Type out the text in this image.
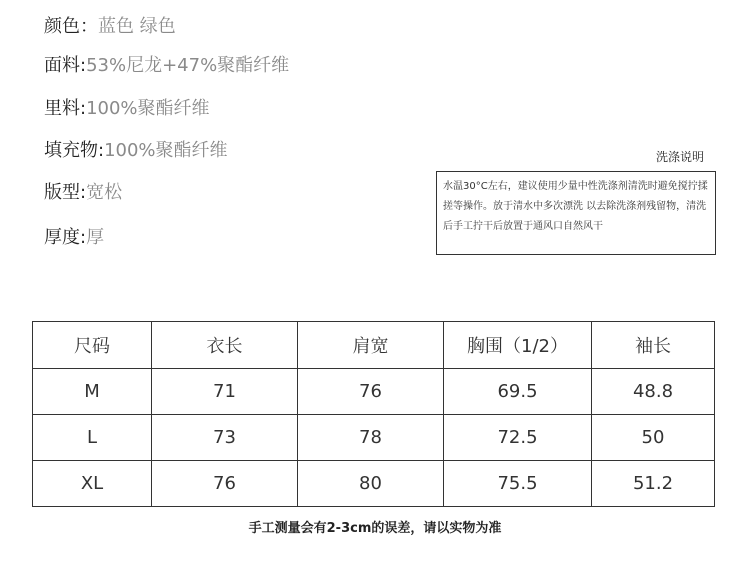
颜色：蓝色 绿色
面料:53%尼龙+47%聚酯纤维
里料:100%聚酯纤维
填充物:100%聚酯纤维
版型:宽松
厚度:厚
洗涤说明
水温30°C左右，建议使用少量中性洗涤剂清洗时避免搅拧揉搓等操作。放于清水中多次漂洗 以去除洗涤剂残留物，清洗后手工拧干后放置于通风口自然风干
尺码	衣长	肩宽	胸围（1/2）	袖长
M	71	76	69.5	48.8
L	73	78	72.5	50
XL	76	80	75.5	51.2
手工测量会有2-3cm的误差，请以实物为准
